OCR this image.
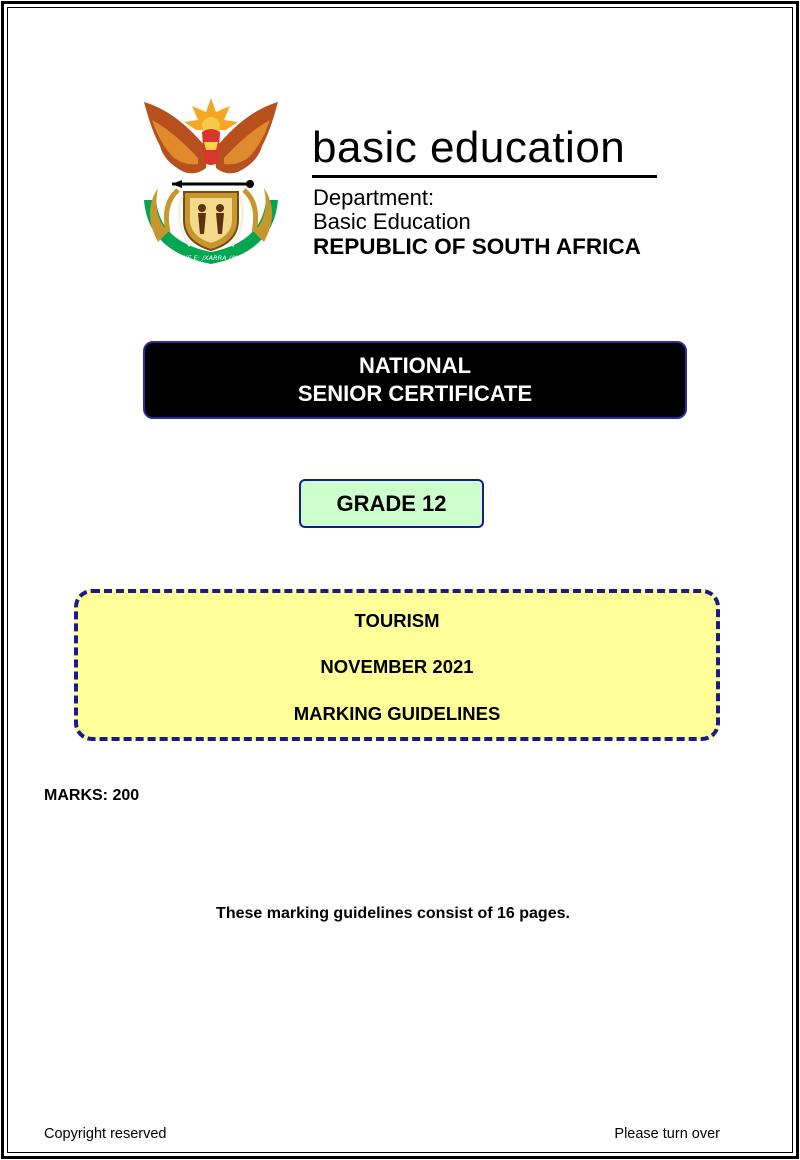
!KE E: /XARRA //KE
basic education
Department:
Basic Education
REPUBLIC OF SOUTH AFRICA
NATIONAL
SENIOR CERTIFICATE
GRADE 12
TOURISM
NOVEMBER 2021
MARKING GUIDELINES
MARKS: 200
These marking guidelines consist of 16 pages.
Copyright reserved	Please turn over
